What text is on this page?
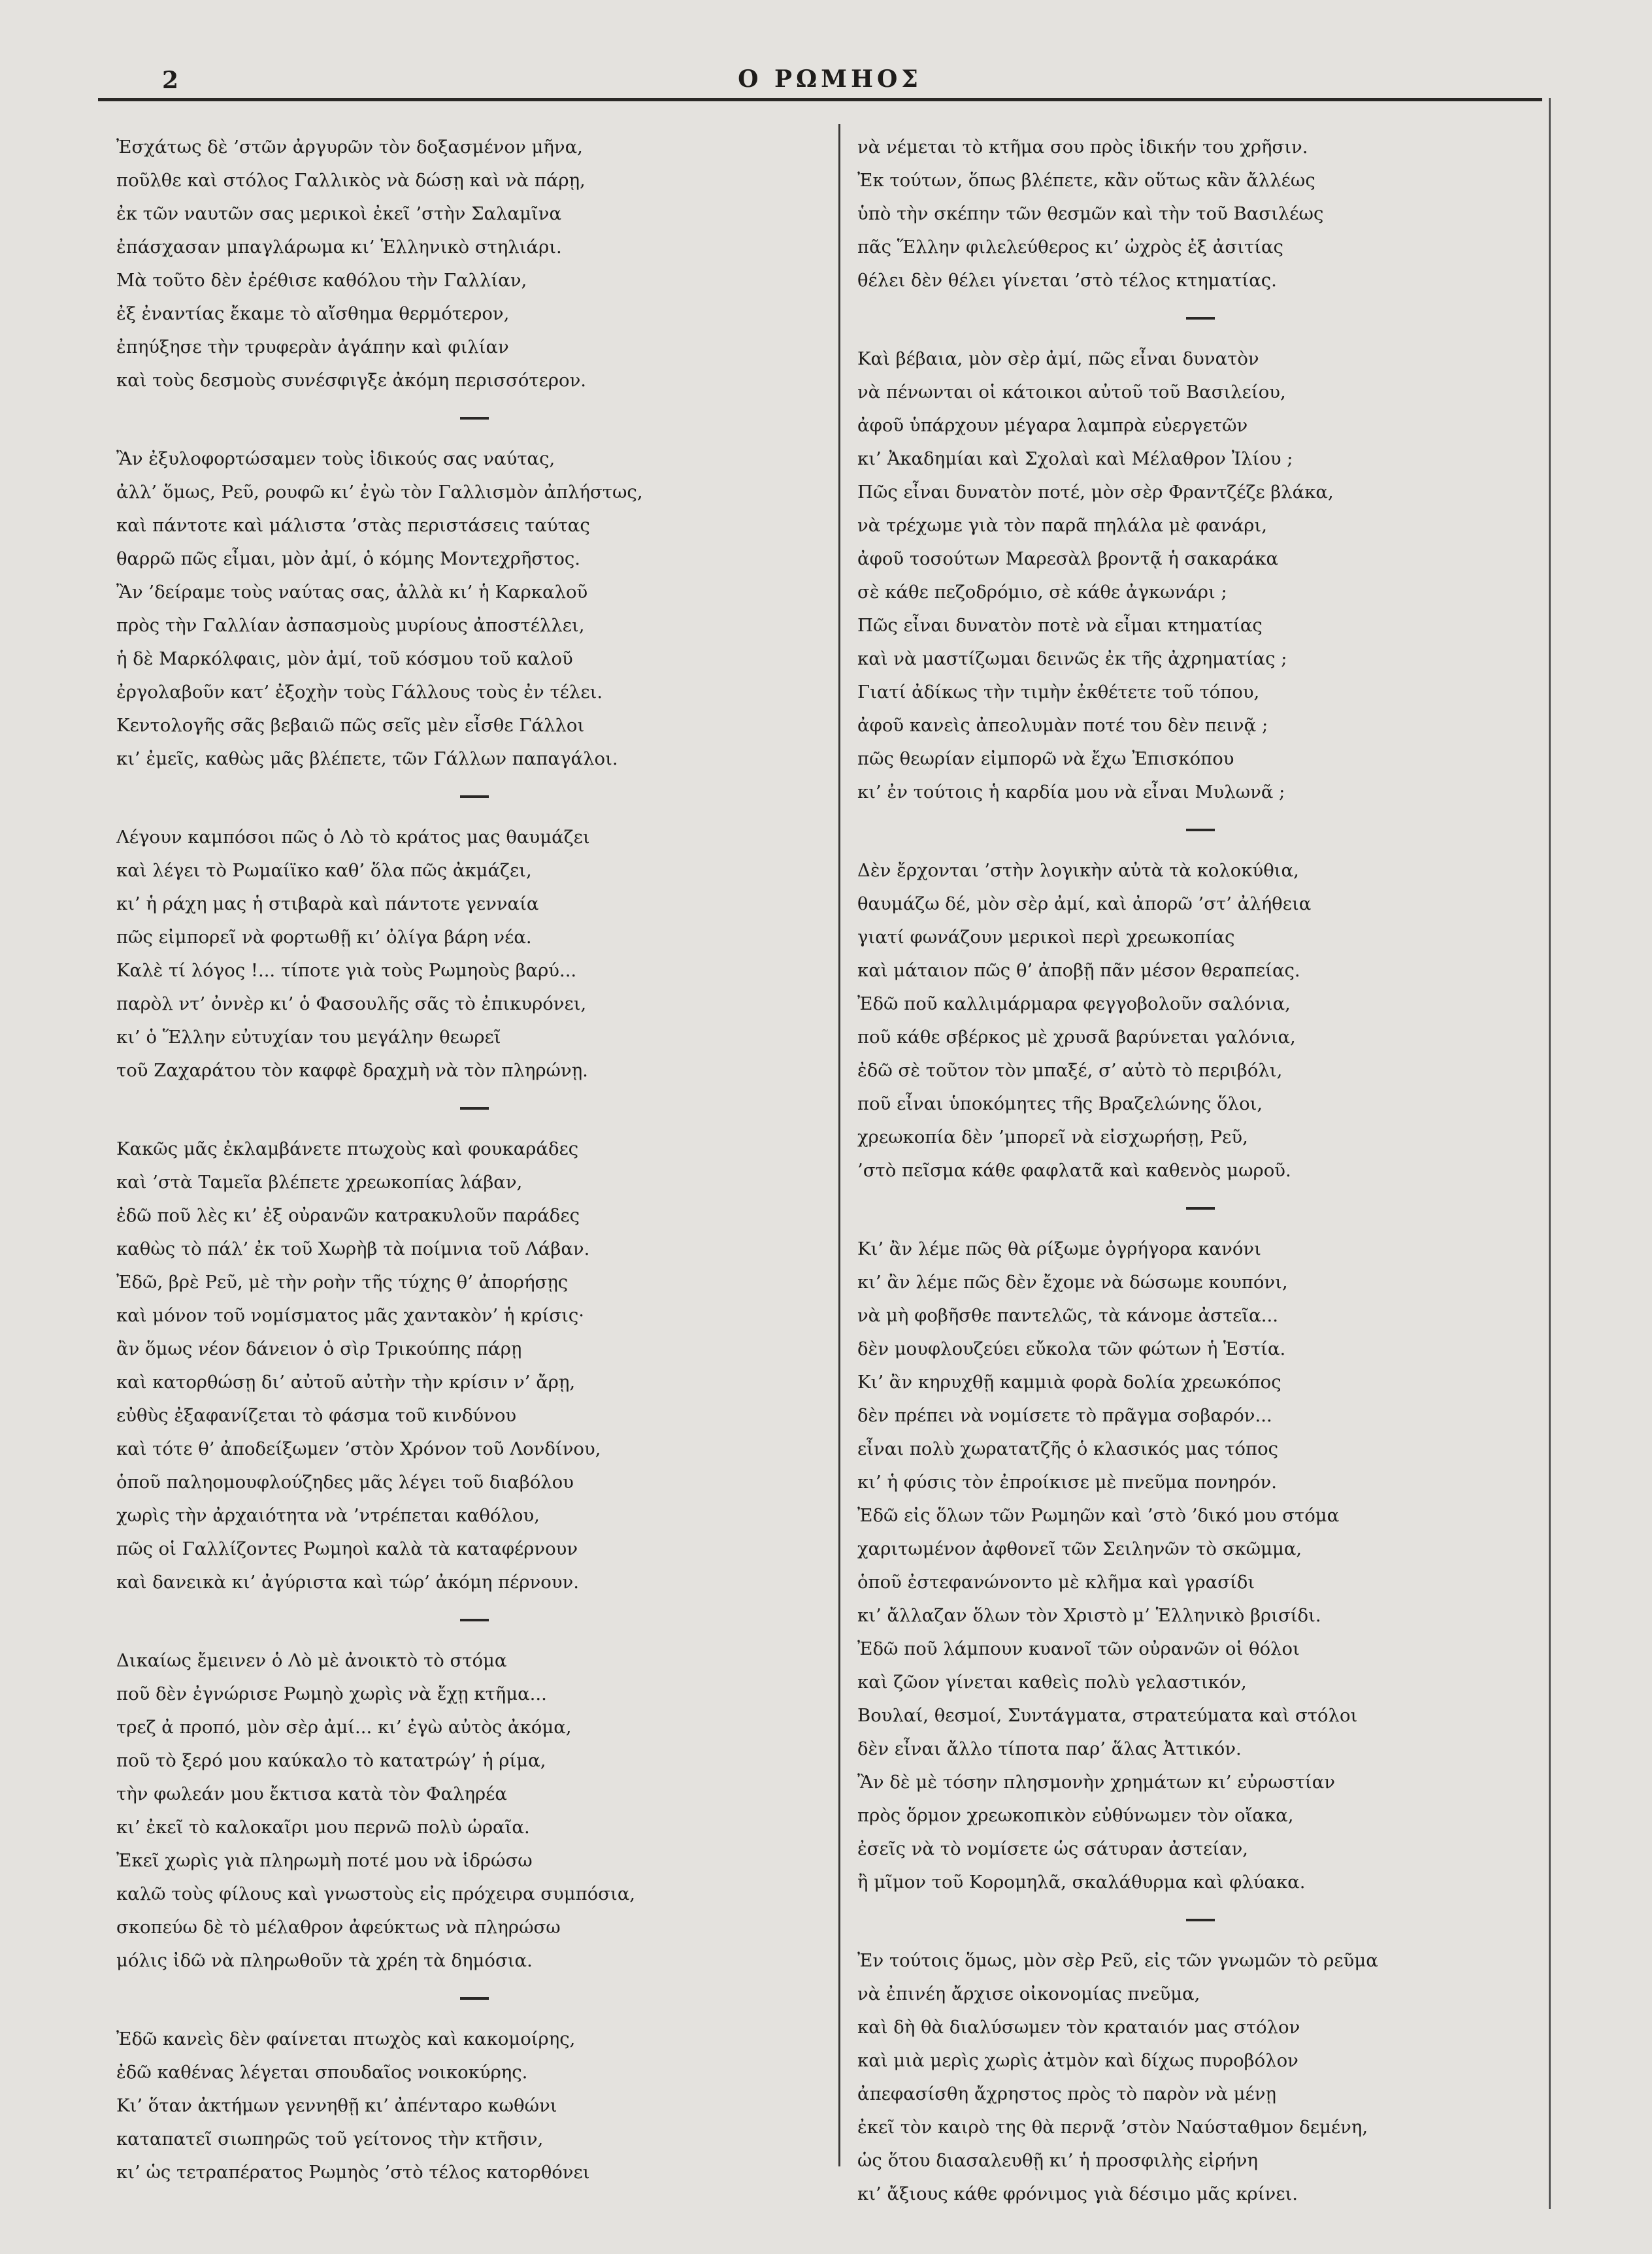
2	Ο ΡΩΜΗΟΣ
Ἐσχάτως δὲ ’στῶν ἀργυρῶν τὸν δοξασμένον μῆνα,
ποῦλθε καὶ στόλος Γαλλικὸς νὰ δώσῃ καὶ νὰ πάρῃ,
ἐκ τῶν ναυτῶν σας μερικοὶ ἐκεῖ ’στὴν Σαλαμῖνα
ἐπάσχασαν μπαγλάρωμα κι’ Ἑλληνικὸ στηλιάρι.
Μὰ τοῦτο δὲν ἐρέθισε καθόλου τὴν Γαλλίαν,
ἐξ ἐναντίας ἔκαμε τὸ αἴσθημα θερμότερον,
ἐπηύξησε τὴν τρυφερὰν ἀγάπην καὶ φιλίαν
καὶ τοὺς δεσμοὺς συνέσφιγξε ἀκόμη περισσότερον.
Ἂν ἐξυλοφορτώσαμεν τοὺς ἰδικούς σας ναύτας,
ἀλλ’ ὅμως, Ρεῦ, ρουφῶ κι’ ἐγὼ τὸν Γαλλισμὸν ἀπλήστως,
καὶ πάντοτε καὶ μάλιστα ’στὰς περιστάσεις ταύτας
θαρρῶ πῶς εἶμαι, μὸν ἀμί, ὁ κόμης Μοντεχρῆστος.
Ἂν ’δείραμε τοὺς ναύτας σας, ἀλλὰ κι’ ἡ Καρκαλοῦ
πρὸς τὴν Γαλλίαν ἀσπασμοὺς μυρίους ἀποστέλλει,
ἡ δὲ Μαρκόλφαις, μὸν ἀμί, τοῦ κόσμου τοῦ καλοῦ
ἐργολαβοῦν κατ’ ἐξοχὴν τοὺς Γάλλους τοὺς ἐν τέλει.
Κεντολογῆς σᾶς βεβαιῶ πῶς σεῖς μὲν εἶσθε Γάλλοι
κι’ ἐμεῖς, καθὼς μᾶς βλέπετε, τῶν Γάλλων παπαγάλοι.
Λέγουν καμπόσοι πῶς ὁ Λὸ τὸ κράτος μας θαυμάζει
καὶ λέγει τὸ Ρωμαίϊκο καθ’ ὅλα πῶς ἀκμάζει,
κι’ ἡ ράχη μας ἡ στιβαρὰ καὶ πάντοτε γενναία
πῶς εἰμπορεῖ νὰ φορτωθῇ κι’ ὀλίγα βάρη νέα.
Καλὲ τί λόγος !... τίποτε γιὰ τοὺς Ρωμηοὺς βαρύ...
παρὸλ ντ’ ὀννὲρ κι’ ὁ Φασουλῆς σᾶς τὸ ἐπικυρόνει,
κι’ ὁ Ἕλλην εὐτυχίαν του μεγάλην θεωρεῖ
τοῦ Ζαχαράτου τὸν καφφὲ δραχμὴ νὰ τὸν πληρώνῃ.
Κακῶς μᾶς ἐκλαμβάνετε πτωχοὺς καὶ φουκαράδες
καὶ ’στὰ Ταμεῖα βλέπετε χρεωκοπίας λάβαν,
ἐδῶ ποῦ λὲς κι’ ἐξ οὐρανῶν κατρακυλοῦν παράδες
καθὼς τὸ πάλ’ ἐκ τοῦ Χωρὴβ τὰ ποίμνια τοῦ Λάβαν.
Ἐδῶ, βρὲ Ρεῦ, μὲ τὴν ροὴν τῆς τύχης θ’ ἀπορήσῃς
καὶ μόνον τοῦ νομίσματος μᾶς χαντακὸν’ ἡ κρίσις·
ἂν ὅμως νέον δάνειον ὁ σὶρ Τρικούπης πάρῃ
καὶ κατορθώσῃ δι’ αὐτοῦ αὐτὴν τὴν κρίσιν ν’ ἄρῃ,
εὐθὺς ἐξαφανίζεται τὸ φάσμα τοῦ κινδύνου
καὶ τότε θ’ ἀποδείξωμεν ’στὸν Χρόνον τοῦ Λονδίνου,
ὁποῦ παληομουφλούζηδες μᾶς λέγει τοῦ διαβόλου
χωρὶς τὴν ἀρχαιότητα νὰ ’ντρέπεται καθόλου,
πῶς οἱ Γαλλίζοντες Ρωμηοὶ καλὰ τὰ καταφέρνουν
καὶ δανεικὰ κι’ ἀγύριστα καὶ τώρ’ ἀκόμη πέρνουν.
Δικαίως ἔμεινεν ὁ Λὸ μὲ ἀνοικτὸ τὸ στόμα
ποῦ δὲν ἐγνώρισε Ρωμηὸ χωρὶς νὰ ἔχῃ κτῆμα...
τρεζ ἀ προπό, μὸν σὲρ ἀμί... κι’ ἐγὼ αὐτὸς ἀκόμα,
ποῦ τὸ ξερό μου καύκαλο τὸ κατατρώγ’ ἡ ρίμα,
τὴν φωλεάν μου ἔκτισα κατὰ τὸν Φαληρέα
κι’ ἐκεῖ τὸ καλοκαῖρι μου περνῶ πολὺ ὡραῖα.
Ἐκεῖ χωρὶς γιὰ πληρωμὴ ποτέ μου νὰ ἱδρώσω
καλῶ τοὺς φίλους καὶ γνωστοὺς εἰς πρόχειρα συμπόσια,
σκοπεύω δὲ τὸ μέλαθρον ἀφεύκτως νὰ πληρώσω
μόλις ἰδῶ νὰ πληρωθοῦν τὰ χρέη τὰ δημόσια.
Ἐδῶ κανεὶς δὲν φαίνεται πτωχὸς καὶ κακομοίρης,
ἐδῶ καθένας λέγεται σπουδαῖος νοικοκύρης.
Κι’ ὅταν ἀκτήμων γεννηθῇ κι’ ἀπένταρο κωθώνι
καταπατεῖ σιωπηρῶς τοῦ γείτονος τὴν κτῆσιν,
κι’ ὡς τετραπέρατος Ρωμηὸς ’στὸ τέλος κατορθόνει
νὰ νέμεται τὸ κτῆμα σου πρὸς ἰδικήν του χρῆσιν.
Ἐκ τούτων, ὅπως βλέπετε, κἂν οὕτως κἂν ἄλλέως
ὑπὸ τὴν σκέπην τῶν θεσμῶν καὶ τὴν τοῦ Βασιλέως
πᾶς Ἕλλην φιλελεύθερος κι’ ὠχρὸς ἐξ ἀσιτίας
θέλει δὲν θέλει γίνεται ’στὸ τέλος κτηματίας.
Καὶ βέβαια, μὸν σὲρ ἀμί, πῶς εἶναι δυνατὸν
νὰ πένωνται οἱ κάτοικοι αὐτοῦ τοῦ Βασιλείου,
ἀφοῦ ὑπάρχουν μέγαρα λαμπρὰ εὐεργετῶν
κι’ Ἀκαδημίαι καὶ Σχολαὶ καὶ Μέλαθρον Ἰλίου ;
Πῶς εἶναι δυνατὸν ποτέ, μὸν σὲρ Φραντζέζε βλάκα,
νὰ τρέχωμε γιὰ τὸν παρᾶ πηλάλα μὲ φανάρι,
ἀφοῦ τοσούτων Μαρεσὰλ βροντᾷ ἡ σακαράκα
σὲ κάθε πεζοδρόμιο, σὲ κάθε ἀγκωνάρι ;
Πῶς εἶναι δυνατὸν ποτὲ νὰ εἶμαι κτηματίας
καὶ νὰ μαστίζωμαι δεινῶς ἐκ τῆς ἀχρηματίας ;
Γιατί ἀδίκως τὴν τιμὴν ἐκθέτετε τοῦ τόπου,
ἀφοῦ κανεὶς ἀπεολυμὰν ποτέ του δὲν πεινᾷ ;
πῶς θεωρίαν εἰμπορῶ νὰ ἔχω Ἐπισκόπου
κι’ ἐν τούτοις ἡ καρδία μου νὰ εἶναι Μυλωνᾶ ;
Δὲν ἔρχονται ’στὴν λογικὴν αὐτὰ τὰ κολοκύθια,
θαυμάζω δέ, μὸν σὲρ ἀμί, καὶ ἀπορῶ ’στ’ ἀλήθεια
γιατί φωνάζουν μερικοὶ περὶ χρεωκοπίας
καὶ μάταιον πῶς θ’ ἀποβῇ πᾶν μέσον θεραπείας.
Ἐδῶ ποῦ καλλιμάρμαρα φεγγοβολοῦν σαλόνια,
ποῦ κάθε σβέρκος μὲ χρυσᾶ βαρύνεται γαλόνια,
ἐδῶ σὲ τοῦτον τὸν μπαξέ, σ’ αὐτὸ τὸ περιβόλι,
ποῦ εἶναι ὑποκόμητες τῆς Βραζελώνης ὅλοι,
χρεωκοπία δὲν ’μπορεῖ νὰ εἰσχωρήσῃ, Ρεῦ,
’στὸ πεῖσμα κάθε φαφλατᾶ καὶ καθενὸς μωροῦ.
Κι’ ἂν λέμε πῶς θὰ ρίξωμε ὀγρήγορα κανόνι
κι’ ἂν λέμε πῶς δὲν ἔχομε νὰ δώσωμε κουπόνι,
νὰ μὴ φοβῆσθε παντελῶς, τὰ κάνομε ἀστεῖα...
δὲν μουφλουζεύει εὔκολα τῶν φώτων ἡ Ἑστία.
Κι’ ἂν κηρυχθῇ καμμιὰ φορὰ δολία χρεωκόπος
δὲν πρέπει νὰ νομίσετε τὸ πρᾶγμα σοβαρόν...
εἶναι πολὺ χωρατατζῆς ὁ κλασικός μας τόπος
κι’ ἡ φύσις τὸν ἐπροίκισε μὲ πνεῦμα πονηρόν.
Ἐδῶ εἰς ὅλων τῶν Ρωμηῶν καὶ ’στὸ ’δικό μου στόμα
χαριτωμένον ἀφθονεῖ τῶν Σειληνῶν τὸ σκῶμμα,
ὁποῦ ἐστεφανώνοντο μὲ κλῆμα καὶ γρασίδι
κι’ ἄλλαζαν ὅλων τὸν Χριστὸ μ’ Ἑλληνικὸ βρισίδι.
Ἐδῶ ποῦ λάμπουν κυανοῖ τῶν οὐρανῶν οἱ θόλοι
καὶ ζῶον γίνεται καθεὶς πολὺ γελαστικόν,
Βουλαί, θεσμοί, Συντάγματα, στρατεύματα καὶ στόλοι
δὲν εἶναι ἄλλο τίποτα παρ’ ἅλας Ἀττικόν.
Ἂν δὲ μὲ τόσην πλησμονὴν χρημάτων κι’ εὐρωστίαν
πρὸς ὅρμον χρεωκοπικὸν εὐθύνωμεν τὸν οἴακα,
ἐσεῖς νὰ τὸ νομίσετε ὡς σάτυραν ἀστείαν,
ἢ μῖμον τοῦ Κορομηλᾶ, σκαλάθυρμα καὶ φλύακα.
Ἐν τούτοις ὅμως, μὸν σὲρ Ρεῦ, εἰς τῶν γνωμῶν τὸ ρεῦμα
νὰ ἐπινέη ἄρχισε οἰκονομίας πνεῦμα,
καὶ δὴ θὰ διαλύσωμεν τὸν κραταιόν μας στόλον
καὶ μιὰ μερὶς χωρὶς ἀτμὸν καὶ δίχως πυροβόλον
ἀπεφασίσθη ἄχρηστος πρὸς τὸ παρὸν νὰ μένῃ
ἐκεῖ τὸν καιρὸ της θὰ περνᾷ ’στὸν Ναύσταθμον δεμένη,
ὡς ὅτου διασαλευθῇ κι’ ἡ προσφιλὴς εἰρήνη
κι’ ἄξιους κάθε φρόνιμος γιὰ δέσιμο μᾶς κρίνει.
